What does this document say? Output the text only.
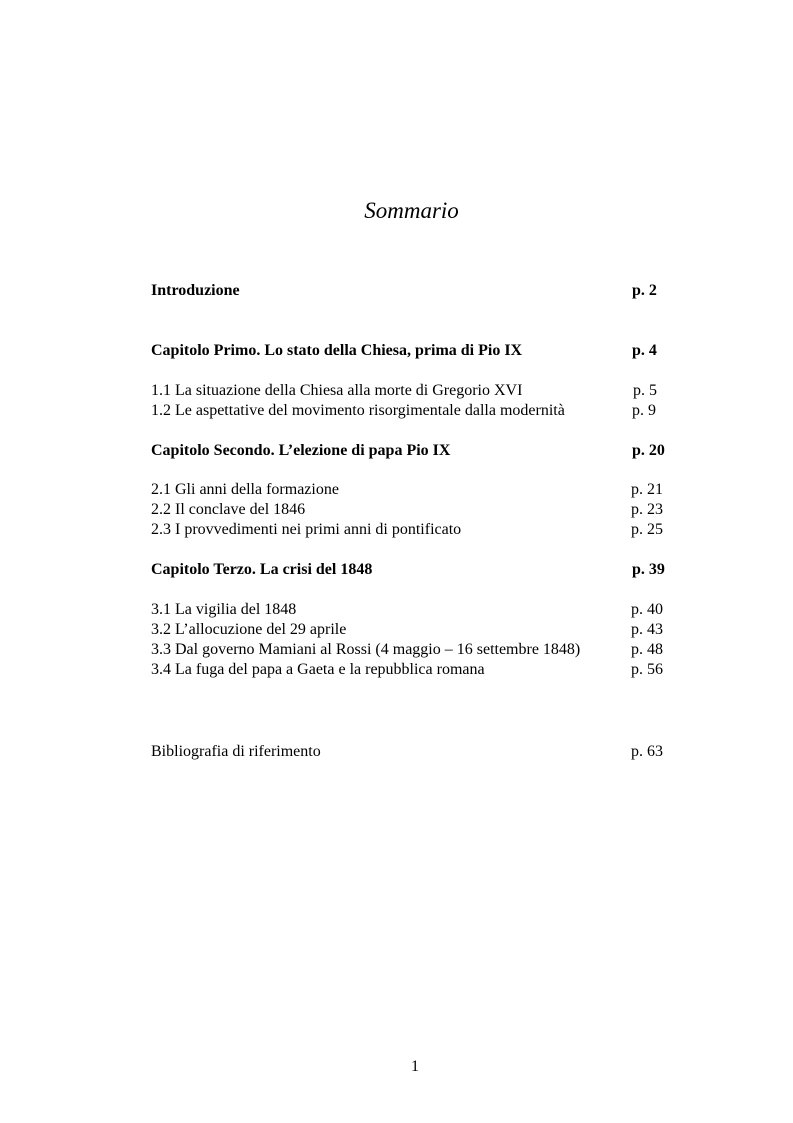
Sommario
Introduzione	p. 2
Capitolo Primo. Lo stato della Chiesa, prima di Pio IX	p. 4
1.1 La situazione della Chiesa alla morte di Gregorio XVI	p. 5
1.2 Le aspettative del movimento risorgimentale dalla modernità	p. 9
Capitolo Secondo. L’elezione di papa Pio IX	p. 20
2.1 Gli anni della formazione	p. 21
2.2 Il conclave del 1846	p. 23
2.3 I provvedimenti nei primi anni di pontificato	p. 25
Capitolo Terzo. La crisi del 1848	p. 39
3.1 La vigilia del 1848	p. 40
3.2 L’allocuzione del 29 aprile	p. 43
3.3 Dal governo Mamiani al Rossi (4 maggio – 16 settembre 1848)	p. 48
3.4 La fuga del papa a Gaeta e la repubblica romana	p. 56
Bibliografia di riferimento	p. 63
1
